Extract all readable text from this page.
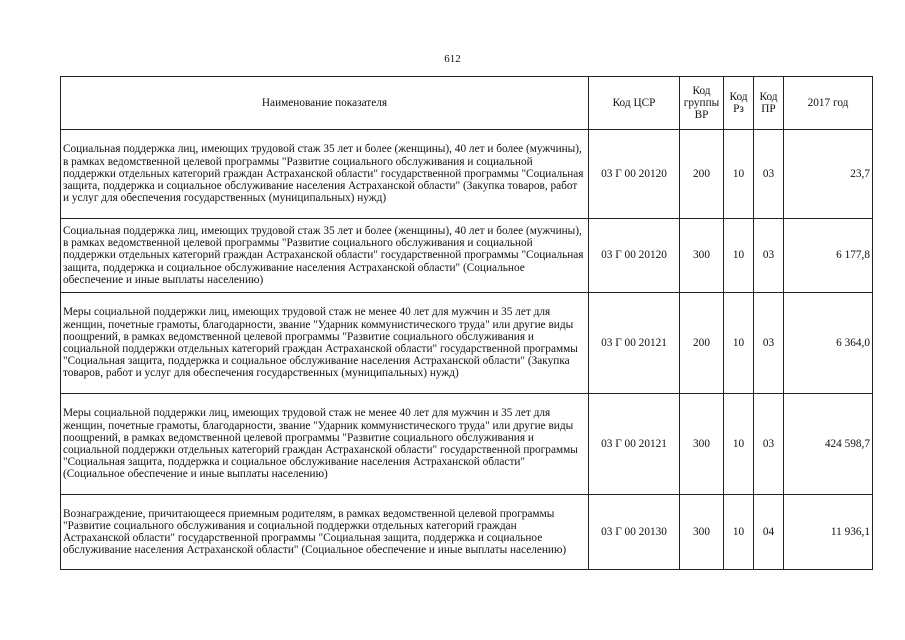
612
Наименование показателя	Код ЦСР	Код группы ВР	Код Рз	Код ПР	2017 год
Социальная поддержка лиц, имеющих трудовой стаж 35 лет и более (женщины), 40 лет и более (мужчины), в рамках ведомственной целевой программы "Развитие социального обслуживания и социальной поддержки отдельных категорий граждан Астраханской области" государственной программы "Социальная защита, поддержка и социальное обслуживание населения Астраханской области" (Закупка товаров, работ и услуг для обеспечения государственных (муниципальных) нужд)	03 Г 00 20120	200	10	03	23,7
Социальная поддержка лиц, имеющих трудовой стаж 35 лет и более (женщины), 40 лет и более (мужчины), в рамках ведомственной целевой программы "Развитие социального обслуживания и социальной поддержки отдельных категорий граждан Астраханской области" государственной программы "Социальная защита, поддержка и социальное обслуживание населения Астраханской области" (Социальное обеспечение и иные выплаты населению)	03 Г 00 20120	300	10	03	6 177,8
Меры социальной поддержки лиц, имеющих трудовой стаж не менее 40 лет для мужчин и 35 лет для женщин, почетные грамоты, благодарности, звание "Ударник коммунистического труда" или другие виды поощрений, в рамках ведомственной целевой программы "Развитие социального обслуживания и социальной поддержки отдельных категорий граждан Астраханской области" государственной программы "Социальная защита, поддержка и социальное обслуживание населения Астраханской области" (Закупка товаров, работ и услуг для обеспечения государственных (муниципальных) нужд)	03 Г 00 20121	200	10	03	6 364,0
Меры социальной поддержки лиц, имеющих трудовой стаж не менее 40 лет для мужчин и 35 лет для женщин, почетные грамоты, благодарности, звание "Ударник коммунистического труда" или другие виды поощрений, в рамках ведомственной целевой программы "Развитие социального обслуживания и социальной поддержки отдельных категорий граждан Астраханской области" государственной программы "Социальная защита, поддержка и социальное обслуживание населения Астраханской области" (Социальное обеспечение и иные выплаты населению)	03 Г 00 20121	300	10	03	424 598,7
Вознаграждение, причитающееся приемным родителям, в рамках ведомственной целевой программы "Развитие социального обслуживания и социальной поддержки отдельных категорий граждан Астраханской области" государственной программы "Социальная защита, поддержка и социальное обслуживание населения Астраханской области" (Социальное обеспечение и иные выплаты населению)	03 Г 00 20130	300	10	04	11 936,1
